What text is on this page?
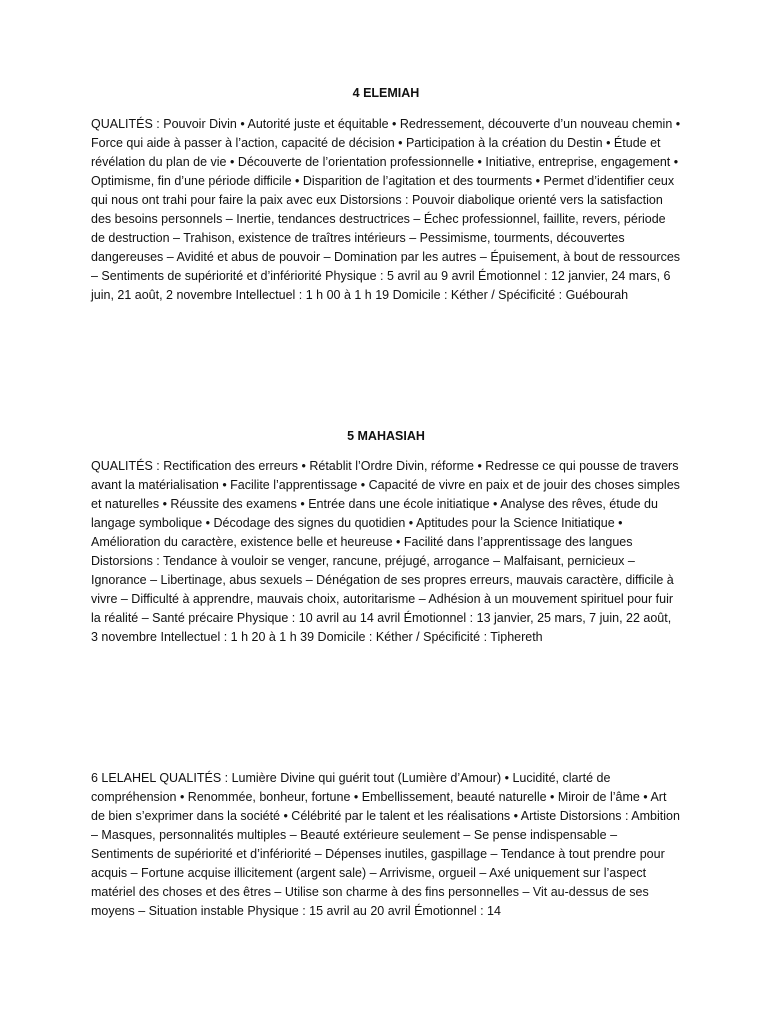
4 ELEMIAH

QUALITÉS : Pouvoir Divin • Autorité juste et équitable • Redressement, découverte d’un nouveau chemin • Force qui aide à passer à l’action, capacité de décision • Participation à la création du Destin • Étude et révélation du plan de vie • Découverte de l’orientation professionnelle • Initiative, entreprise, engagement • Optimisme, fin d’une période difficile • Disparition de l’agitation et des tourments • Permet d’identifier ceux qui nous ont trahi pour faire la paix avec eux Distorsions : Pouvoir diabolique orienté vers la satisfaction des besoins personnels – Inertie, tendances destructrices – Échec professionnel, faillite, revers, période de destruction – Trahison, existence de traîtres intérieurs – Pessimisme, tourments, découvertes dangereuses – Avidité et abus de pouvoir – Domination par les autres – Épuisement, à bout de ressources – Sentiments de supériorité et d’infériorité Physique : 5 avril au 9 avril Émotionnel : 12 janvier, 24 mars, 6 juin, 21 août, 2 novembre Intellectuel : 1 h 00 à 1 h 19 Domicile : Kéther / Spécificité : Guébourah

5 MAHASIAH

QUALITÉS : Rectification des erreurs • Rétablit l’Ordre Divin, réforme • Redresse ce qui pousse de travers avant la matérialisation • Facilite l’apprentissage • Capacité de vivre en paix et de jouir des choses simples et naturelles • Réussite des examens • Entrée dans une école initiatique • Analyse des rêves, étude du langage symbolique • Décodage des signes du quotidien • Aptitudes pour la Science Initiatique • Amélioration du caractère, existence belle et heureuse • Facilité dans l’apprentissage des langues Distorsions : Tendance à vouloir se venger, rancune, préjugé, arrogance – Malfaisant, pernicieux – Ignorance – Libertinage, abus sexuels – Dénégation de ses propres erreurs, mauvais caractère, difficile à vivre – Difficulté à apprendre, mauvais choix, autoritarisme – Adhésion à un mouvement spirituel pour fuir la réalité – Santé précaire Physique : 10 avril au 14 avril Émotionnel : 13 janvier, 25 mars, 7 juin, 22 août, 3 novembre Intellectuel : 1 h 20 à 1 h 39 Domicile : Kéther / Spécificité : Tiphereth

6 LELAHEL QUALITÉS : Lumière Divine qui guérit tout (Lumière d’Amour) • Lucidité, clarté de compréhension • Renommée, bonheur, fortune • Embellissement, beauté naturelle • Miroir de l’âme • Art de bien s’exprimer dans la société • Célébrité par le talent et les réalisations • Artiste Distorsions : Ambition – Masques, personnalités multiples – Beauté extérieure seulement – Se pense indispensable – Sentiments de supériorité et d’infériorité – Dépenses inutiles, gaspillage – Tendance à tout prendre pour acquis – Fortune acquise illicitement (argent sale) – Arrivisme, orgueil – Axé uniquement sur l’aspect matériel des choses et des êtres – Utilise son charme à des fins personnelles – Vit au-dessus de ses moyens – Situation instable Physique : 15 avril au 20 avril Émotionnel : 14
